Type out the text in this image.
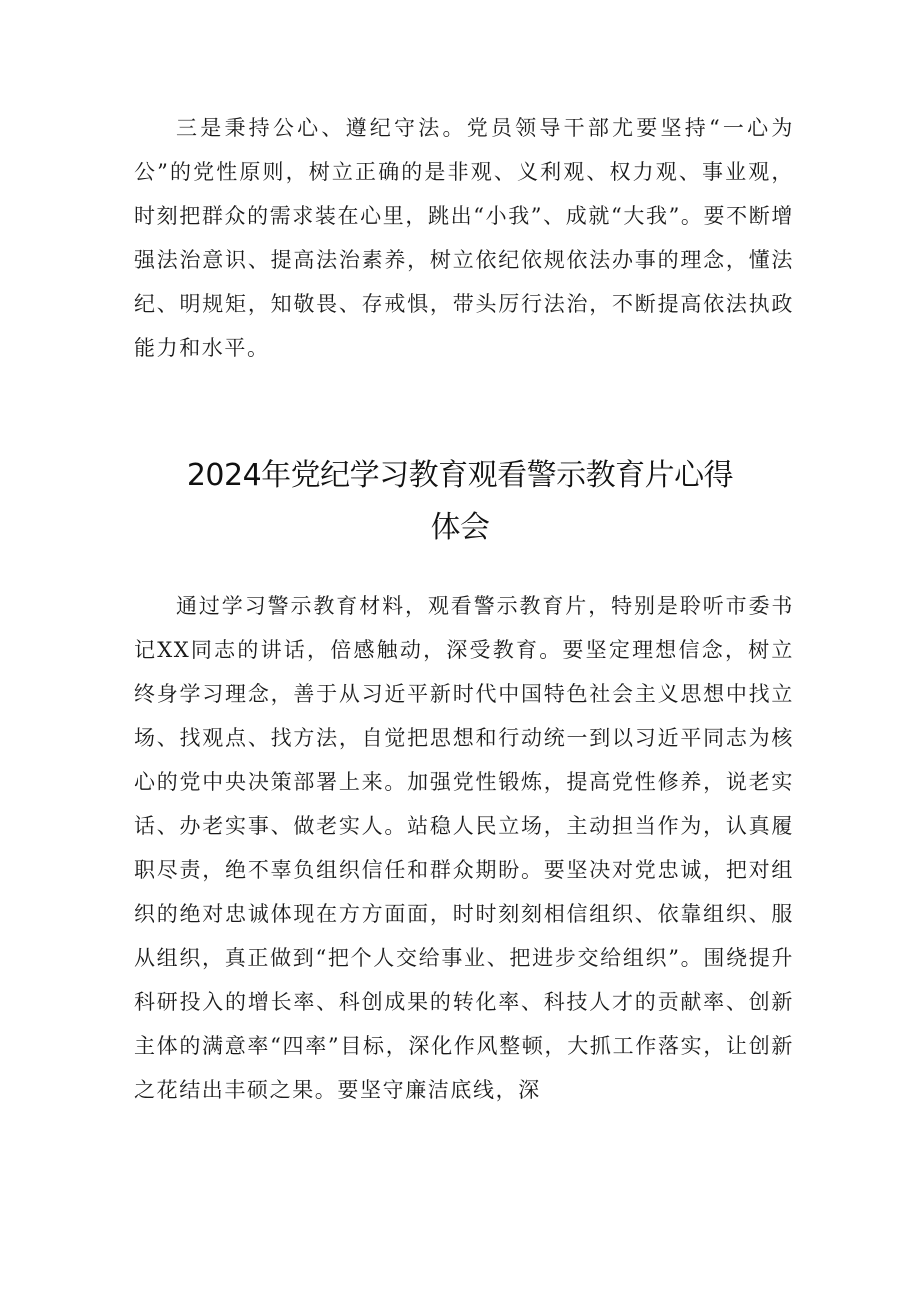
三是秉持公心、遵纪守法。党员领导干部尤要坚持“一心为公”的党性原则，树立正确的是非观、义利观、权力观、事业观，时刻把群众的需求装在心里，跳出“小我”、成就“大我”。要不断增强法治意识、提高法治素养，树立依纪依规依法办事的理念，懂法纪、明规矩，知敬畏、存戒惧，带头厉行法治，不断提高依法执政能力和水平。

2024年党纪学习教育观看警示教育片心得
体会

通过学习警示教育材料，观看警示教育片，特别是聆听市委书记XX同志的讲话，倍感触动，深受教育。要坚定理想信念，树立终身学习理念，善于从习近平新时代中国特色社会主义思想中找立场、找观点、找方法，自觉把思想和行动统一到以习近平同志为核心的党中央决策部署上来。加强党性锻炼，提高党性修养，说老实话、办老实事、做老实人。站稳人民立场，主动担当作为，认真履职尽责，绝不辜负组织信任和群众期盼。要坚决对党忠诚，把对组织的绝对忠诚体现在方方面面，时时刻刻相信组织、依靠组织、服从组织，真正做到“把个人交给事业、把进步交给组织”。围绕提升科研投入的增长率、科创成果的转化率、科技人才的贡献率、创新主体的满意率“四率”目标，深化作风整顿，大抓工作落实，让创新之花结出丰硕之果。要坚守廉洁底线，深
